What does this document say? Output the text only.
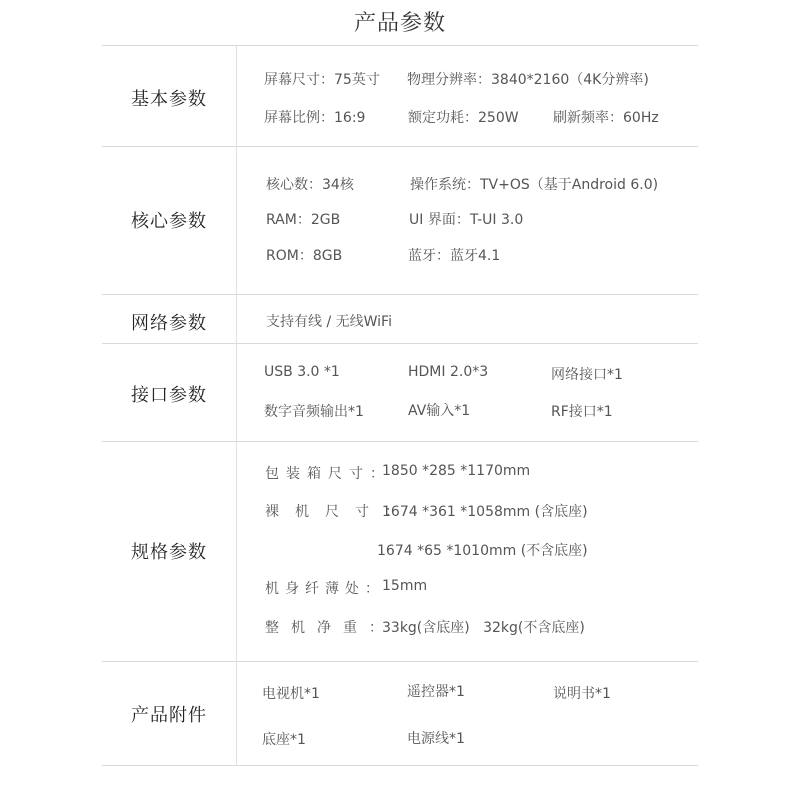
产品参数
基本参数
屏幕尺寸：75英寸 物理分辨率：3840*2160（4K分辨率)
屏幕比例：16:9	额定功耗：250W 刷新频率：60Hz
核心参数
核心数：34核	操作系统：TV+OS（基于Android 6.0)
RAM：2GB	UI 界面：T-UI 3.0
ROM：8GB	蓝牙：蓝牙4.1
网络参数	支持有线 / 无线WiFi
接口参数
USB 3.0 *1	HDMI 2.0*3	网络接口*1
数字音频输出*1	AV输入*1	RF接口*1
规格参数
包装箱尺寸：
1850 *285 *1170mm
裸机尺寸：
1674 *361 *1058mm (含底座)
1674 *65 *1010mm (不含底座)
机身纤薄处：
15mm
整机净重：
33kg(含底座)   32kg(不含底座)
产品附件
电视机*1	遥控器*1	说明书*1
底座*1	电源线*1
